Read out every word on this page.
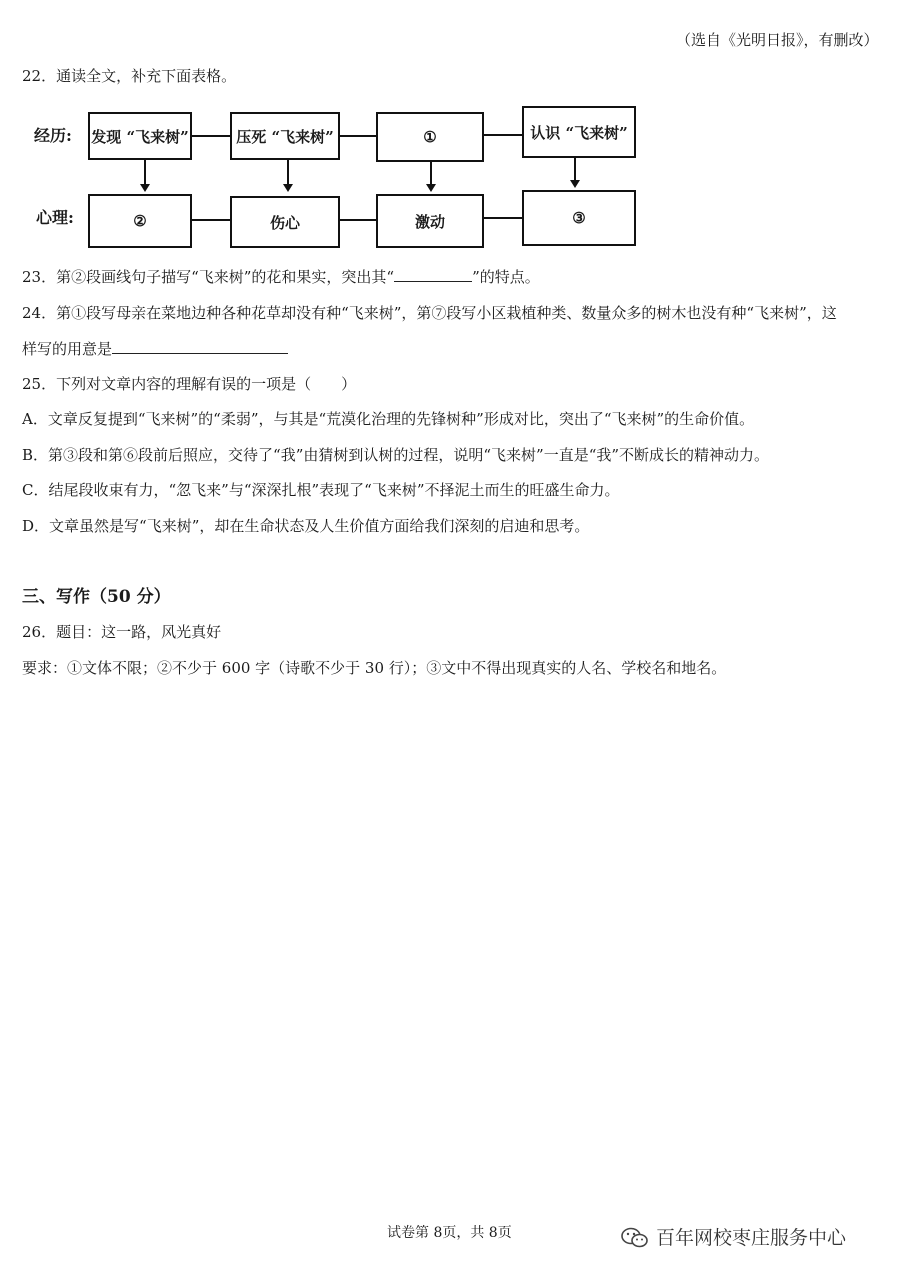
（选自《光明日报》，有删改）
22．通读全文，补充下面表格。
经历:
心理:
发现 “飞来树”	压死 “飞来树”	①	认识 “飞来树”
②	伤心	激动	③
23．第②段画线句子描写“飞来树”的花和果实，突出其“	”的特点。
24．第①段写母亲在菜地边种各种花草却没有种“飞来树”，第⑦段写小区栽植种类、数量众多的树木也没有种“飞来树”，这
样写的用意是
25．下列对文章内容的理解有误的一项是（　　）
A．文章反复提到“飞来树”的“柔弱”，与其是“荒漠化治理的先锋树种”形成对比，突出了“飞来树”的生命价值。
B．第③段和第⑥段前后照应，交待了“我”由猜树到认树的过程，说明“飞来树”一直是“我”不断成长的精神动力。
C．结尾段收束有力，“忽飞来”与“深深扎根”表现了“飞来树”不择泥土而生的旺盛生命力。
D．文章虽然是写“飞来树”，却在生命状态及人生价值方面给我们深刻的启迪和思考。
三、写作（50 分）
26．题目：这一路，风光真好
要求：①文体不限；②不少于 600 字（诗歌不少于 30 行）；③文中不得出现真实的人名、学校名和地名。
试卷第 8页，共 8页	百年网校枣庄服务中心
